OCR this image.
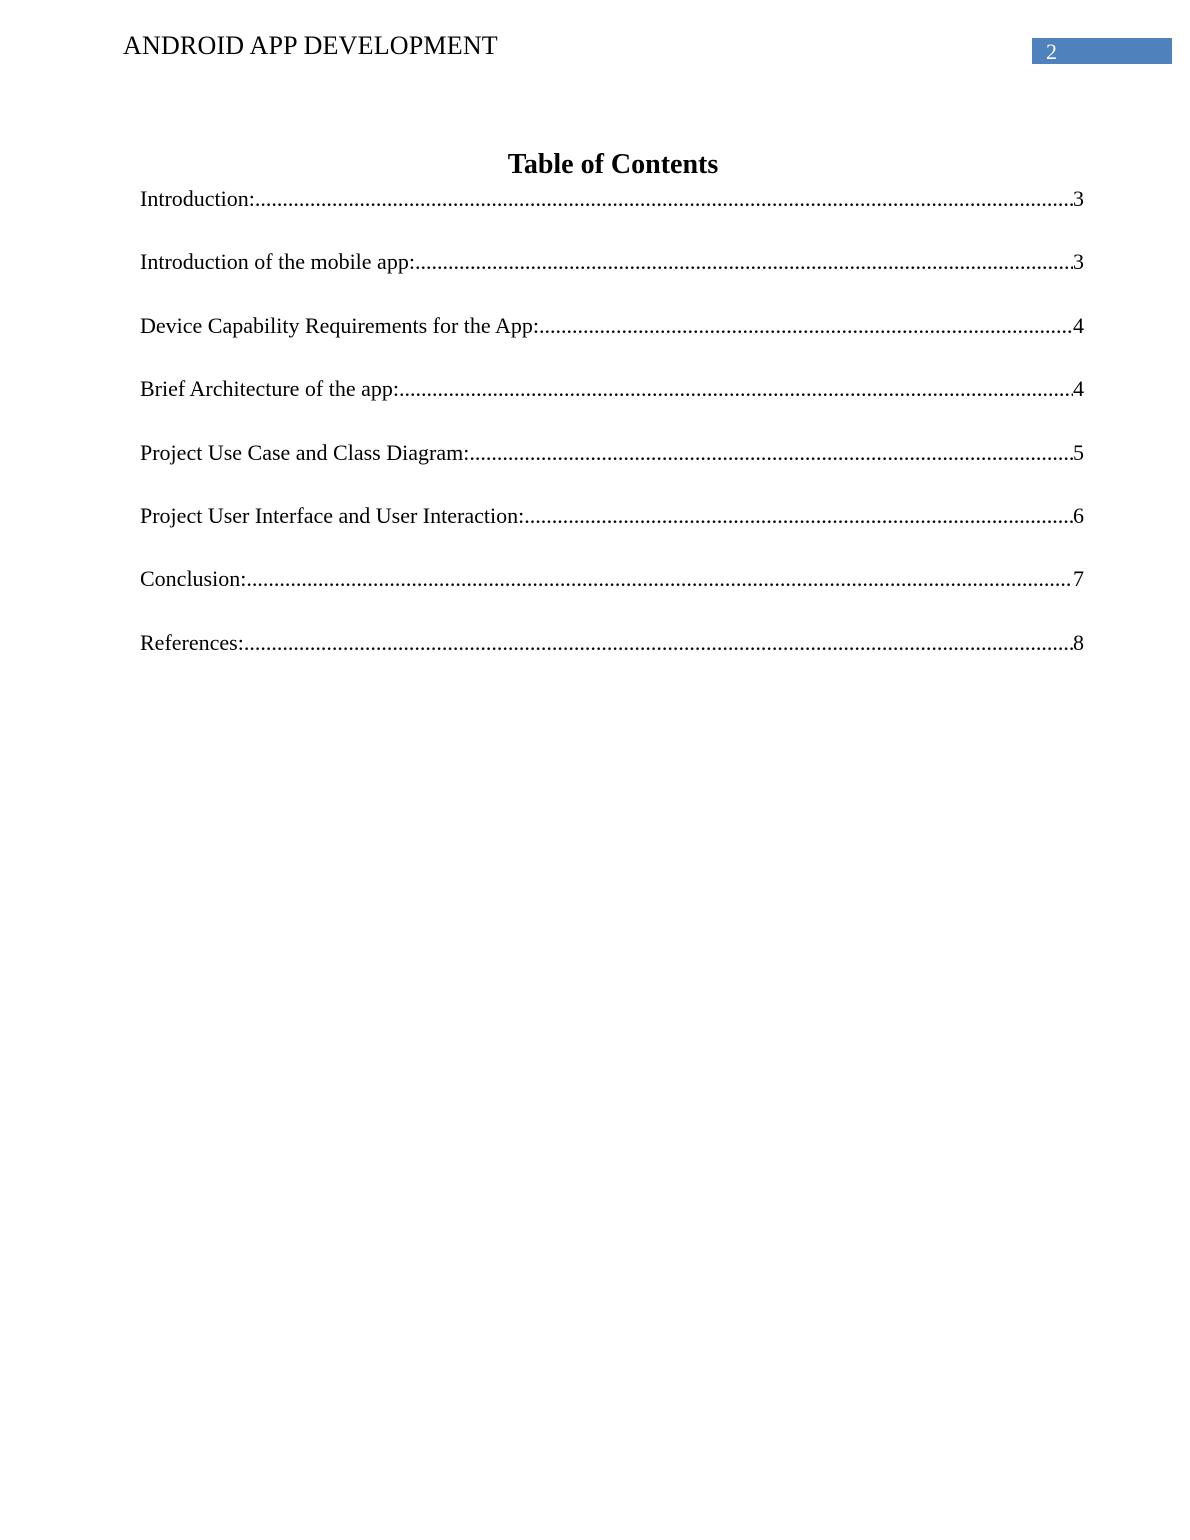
ANDROID APP DEVELOPMENT	2
Table of Contents
Introduction: .....	3
Introduction of the mobile app: .....	3
Device Capability Requirements for the App: .....	4
Brief Architecture of the app: .....	4
Project Use Case and Class Diagram: .....	5
Project User Interface and User Interaction: .....	6
Conclusion: .....	7
References: .....	8
